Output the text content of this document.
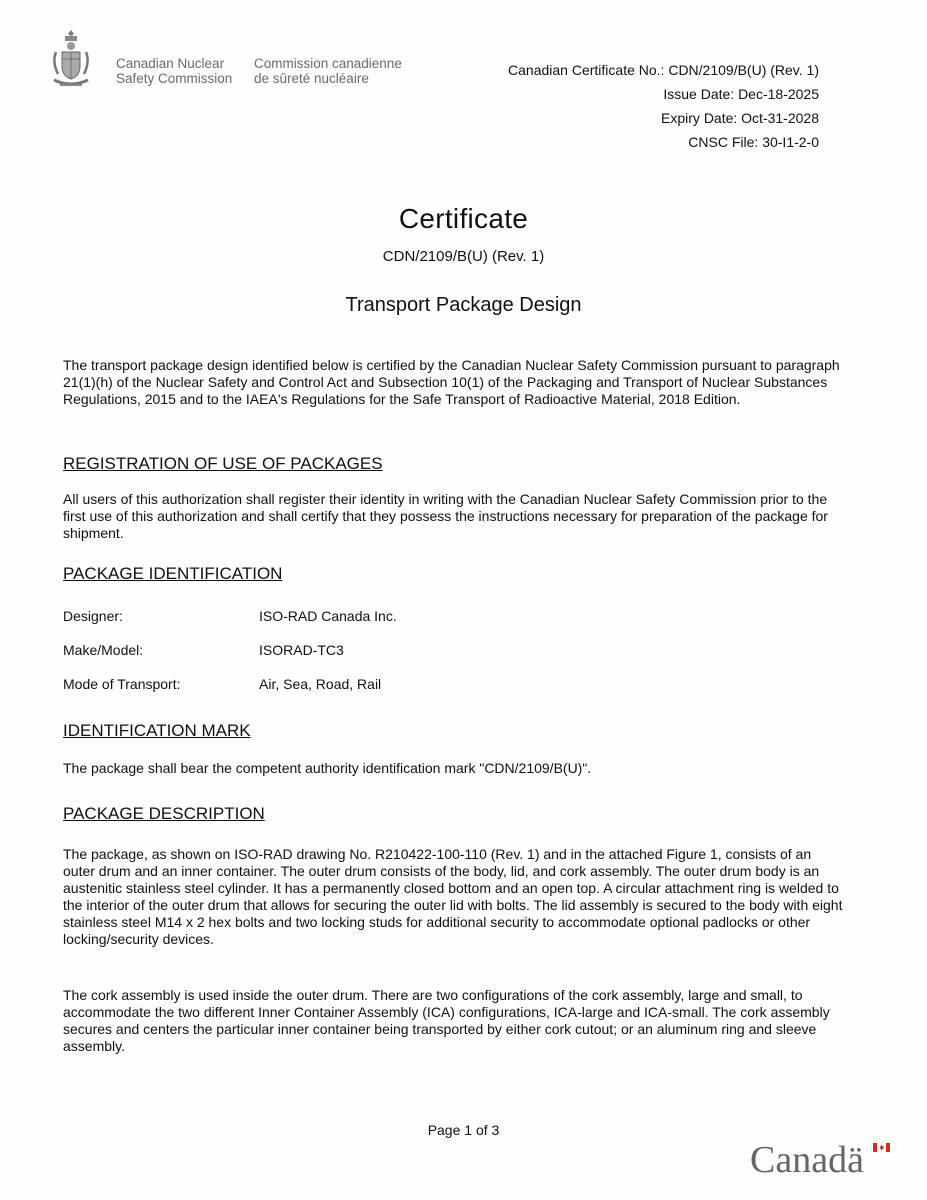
Canadian Nuclear
Safety Commission
Commission canadienne
de sûreté nucléaire
Canadian Certificate No.: CDN/2109/B(U) (Rev. 1)
Issue Date: Dec-18-2025
Expiry Date: Oct-31-2028
CNSC File: 30-I1-2-0
Certificate
CDN/2109/B(U) (Rev. 1)
Transport Package Design

The transport package design identified below is certified by the Canadian Nuclear Safety Commission pursuant to paragraph 21(1)(h) of the Nuclear Safety and Control Act and Subsection 10(1) of the Packaging and Transport of Nuclear Substances Regulations, 2015 and to the IAEA's Regulations for the Safe Transport of Radioactive Material, 2018 Edition.

REGISTRATION OF USE OF PACKAGES

All users of this authorization shall register their identity in writing with the Canadian Nuclear Safety Commission prior to the first use of this authorization and shall certify that they possess the instructions necessary for preparation of the package for shipment.

PACKAGE IDENTIFICATION
Designer:	ISO-RAD Canada Inc.
Make/Model:	ISORAD-TC3
Mode of Transport:	Air, Sea, Road, Rail
IDENTIFICATION MARK

The package shall bear the competent authority identification mark "CDN/2109/B(U)".

PACKAGE DESCRIPTION

The package, as shown on ISO-RAD drawing No. R210422-100-110 (Rev. 1) and in the attached Figure 1, consists of an outer drum and an inner container. The outer drum consists of the body, lid, and cork assembly. The outer drum body is an austenitic stainless steel cylinder. It has a permanently closed bottom and an open top. A circular attachment ring is welded to the interior of the outer drum that allows for securing the outer lid with bolts. The lid assembly is secured to the body with eight stainless steel M14 x 2 hex bolts and two locking studs for additional security to accommodate optional padlocks or other locking/security devices.

The cork assembly is used inside the outer drum. There are two configurations of the cork assembly, large and small, to accommodate the two different Inner Container Assembly (ICA) configurations, ICA-large and ICA-small. The cork assembly secures and centers the particular inner container being transported by either cork cutout; or an aluminum ring and sleeve assembly.

Page 1 of 3
Canadä
